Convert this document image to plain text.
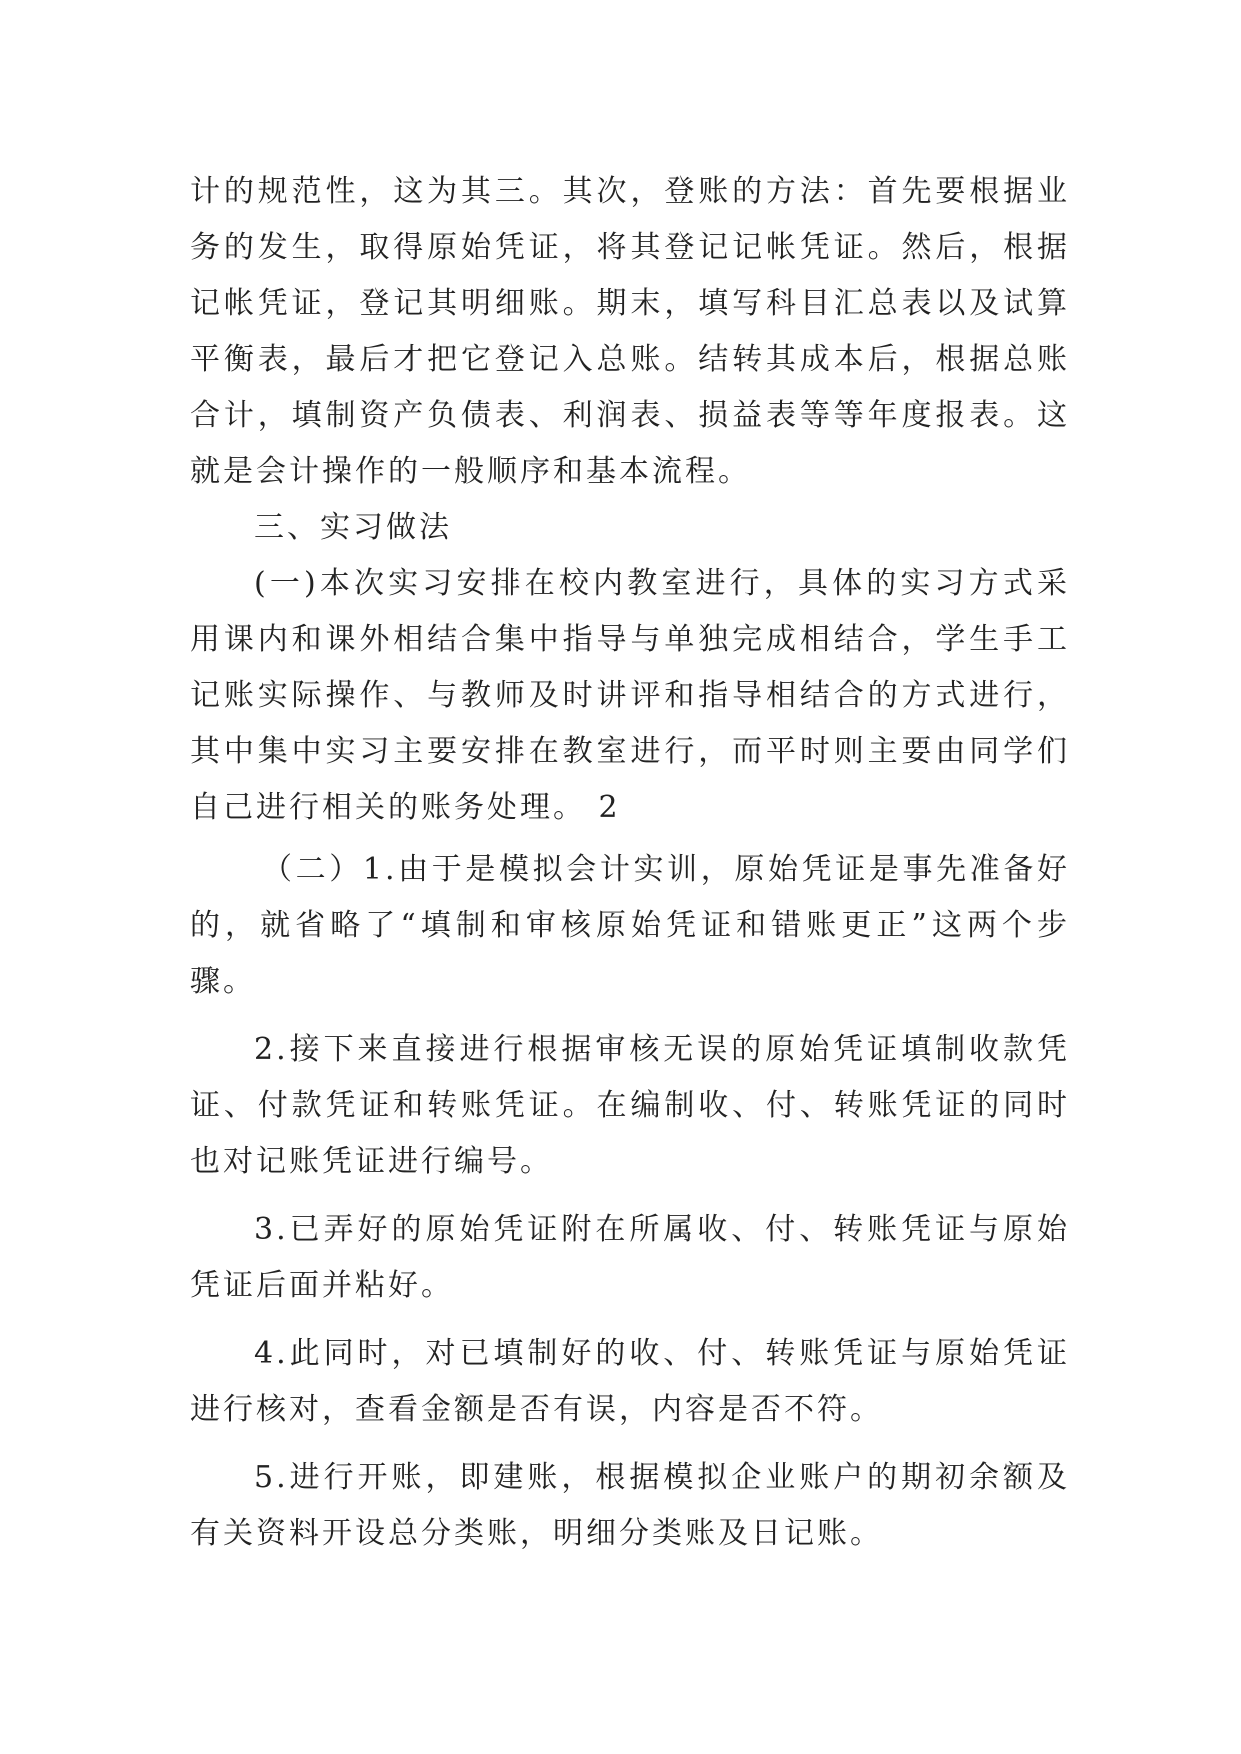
计的规范性，这为其三。其次，登账的方法：首先要根据业务的发生，取得原始凭证，将其登记记帐凭证。然后，根据记帐凭证，登记其明细账。期末，填写科目汇总表以及试算平衡表，最后才把它登记入总账。结转其成本后，根据总账合计，填制资产负债表、利润表、损益表等等年度报表。这就是会计操作的一般顺序和基本流程。

三、实习做法

(一)本次实习安排在校内教室进行，具体的实习方式采用课内和课外相结合集中指导与单独完成相结合，学生手工记账实际操作、与教师及时讲评和指导相结合的方式进行，其中集中实习主要安排在教室进行，而平时则主要由同学们自己进行相关的账务处理。 2

（二）1.由于是模拟会计实训，原始凭证是事先准备好的，就省略了“填制和审核原始凭证和错账更正”这两个步骤。

2.接下来直接进行根据审核无误的原始凭证填制收款凭证、付款凭证和转账凭证。在编制收、付、转账凭证的同时也对记账凭证进行编号。

3.已弄好的原始凭证附在所属收、付、转账凭证与原始凭证后面并粘好。

4.此同时，对已填制好的收、付、转账凭证与原始凭证进行核对，查看金额是否有误，内容是否不符。

5.进行开账，即建账，根据模拟企业账户的期初余额及有关资料开设总分类账，明细分类账及日记账。
